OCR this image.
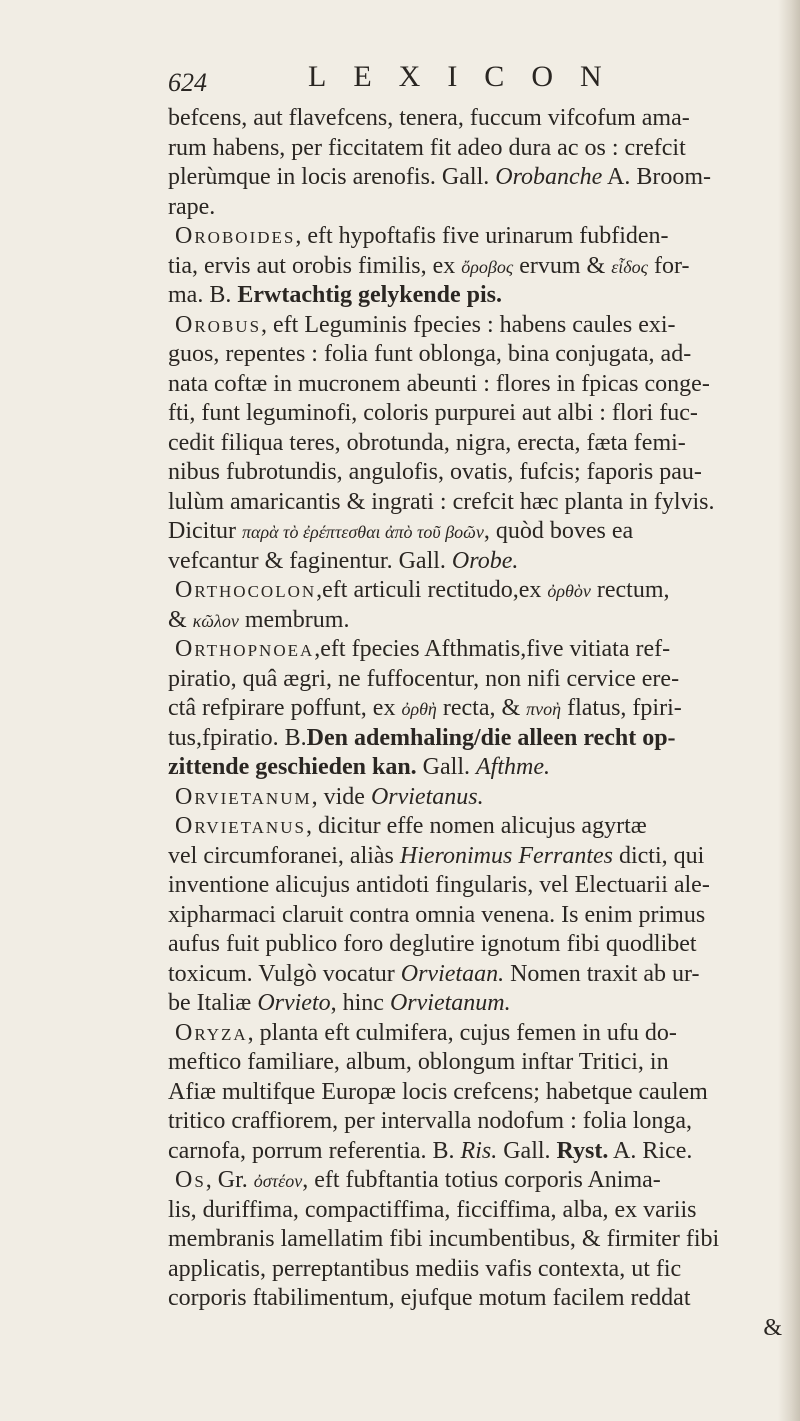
624	LEXICON
befcens, aut flavefcens, tenera, fuccum vifcofum ama-
rum habens, per ficcitatem fit adeo dura ac os : crefcit
plerùmque in locis arenofis. Gall. Orobanche A. Broom-
rape.
Oroboides, eft hypoftafis five urinarum fubfiden-
tia, ervis aut orobis fimilis, ex ὄροβος ervum & εἶδος for-
ma. B. Erwtachtig gelykende pis.
Orobus, eft Leguminis fpecies : habens caules exi-
guos, repentes : folia funt oblonga, bina conjugata, ad-
nata coftæ in mucronem abeunti : flores in fpicas conge-
fti, funt leguminofi, coloris purpurei aut albi : flori fuc-
cedit filiqua teres, obrotunda, nigra, erecta, fæta femi-
nibus fubrotundis, angulofis, ovatis, fufcis; faporis pau-
lulùm amaricantis & ingrati : crefcit hæc planta in fylvis.
Dicitur παρὰ τὸ ἐρέπτεσθαι ἀπὸ τοῦ βοῶν, quòd boves ea
vefcantur & faginentur. Gall. Orobe.
Orthocolon,eft articuli rectitudo,ex ὀρθὸν rectum,
& κῶλον membrum.
Orthopnoea,eft fpecies Afthmatis,five vitiata ref-
piratio, quâ ægri, ne fuffocentur, non nifi cervice ere-
ctâ refpirare poffunt, ex ὀρθὴ recta, & πνοὴ flatus, fpiri-
tus,fpiratio. B.Den ademhaling/die alleen recht op-
zittende geschieden kan. Gall. Afthme.
Orvietanum, vide Orvietanus.
Orvietanus, dicitur effe nomen alicujus agyrtæ
vel circumforanei, aliàs Hieronimus Ferrantes dicti, qui
inventione alicujus antidoti fingularis, vel Electuarii ale-
xipharmaci claruit contra omnia venena. Is enim primus
aufus fuit publico foro deglutire ignotum fibi quodlibet
toxicum. Vulgò vocatur Orvietaan. Nomen traxit ab ur-
be Italiæ Orvieto, hinc Orvietanum.
Oryza, planta eft culmifera, cujus femen in ufu do-
meftico familiare, album, oblongum inftar Tritici, in
Afiæ multifque Europæ locis crefcens; habetque caulem
tritico craffiorem, per intervalla nodofum : folia longa,
carnofa, porrum referentia. B. Ris. Gall. Ryst. A. Rice.
Os, Gr. ὀστέον, eft fubftantia totius corporis Anima-
lis, duriffima, compactiffima, ficciffima, alba, ex variis
membranis lamellatim fibi incumbentibus, & firmiter fibi
applicatis, perreptantibus mediis vafis contexta, ut fic
corporis ftabilimentum, ejufque motum facilem reddat
&
